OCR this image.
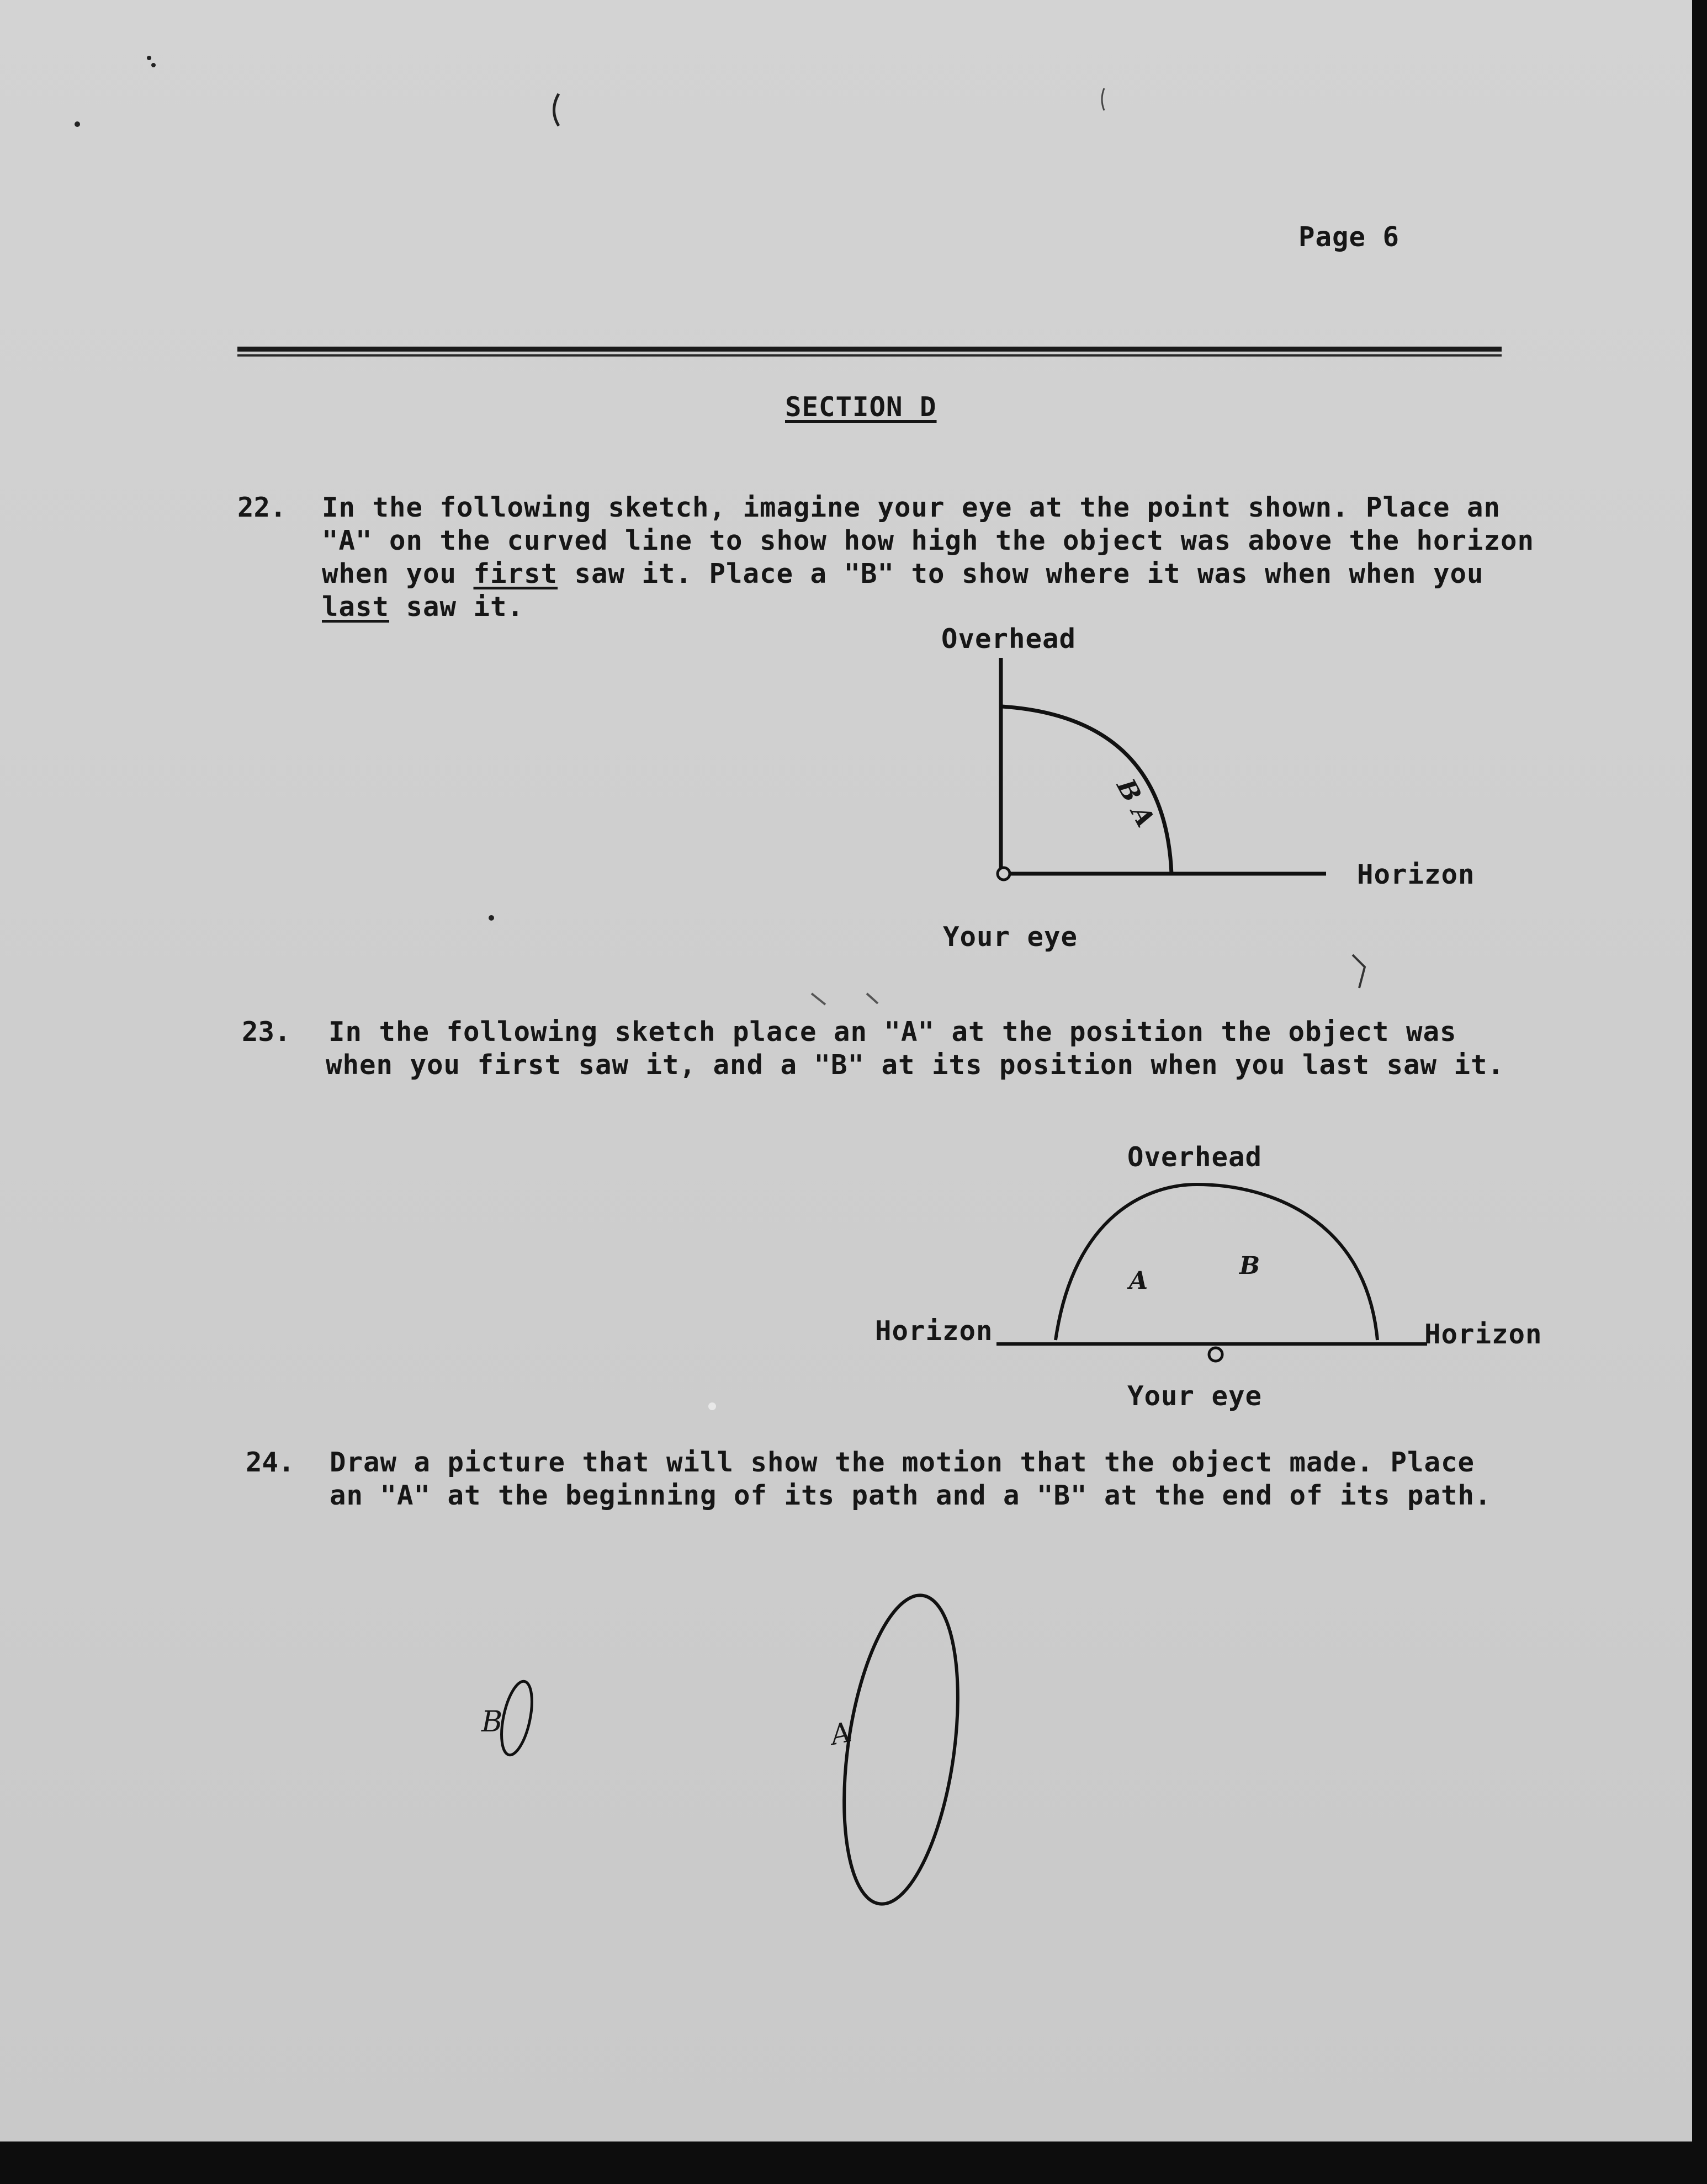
Page 6
SECTION D
22. In the following sketch, imagine your eye at the point shown. Place an
"A" on the curved line to show how high the object was above the horizon
when you first saw it. Place a "B" to show where it was when when you
last saw it.
Overhead
Horizon
Your eye
B A
23. In the following sketch place an "A" at the position the object was
when you first saw it, and a "B" at its position when you last saw it.
Overhead
Horizon	Horizon
Your eye
A
B
24. Draw a picture that will show the motion that the object made. Place
an "A" at the beginning of its path and a "B" at the end of its path.
B	A
